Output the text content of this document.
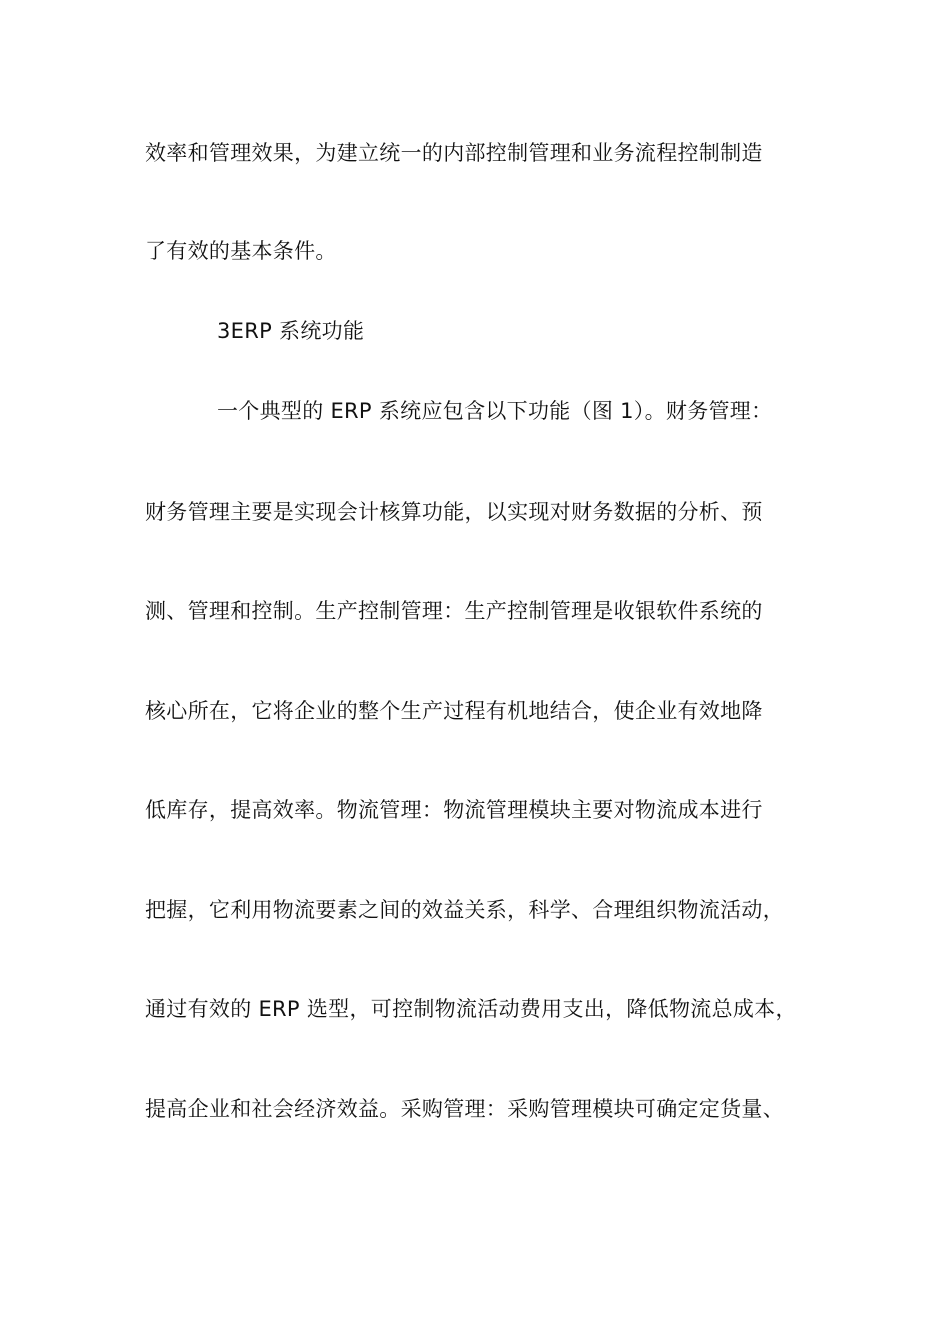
效率和管理效果，为建立统一的内部控制管理和业务流程控制制造
了有效的基本条件。
3ERP 系统功能
一个典型的 ERP 系统应包含以下功能（图 1）。财务管理：
财务管理主要是实现会计核算功能，以实现对财务数据的分析、预
测、管理和控制。生产控制管理：生产控制管理是收银软件系统的
核心所在，它将企业的整个生产过程有机地结合，使企业有效地降
低库存，提高效率。物流管理：物流管理模块主要对物流成本进行
把握，它利用物流要素之间的效益关系，科学、合理组织物流活动，
通过有效的 ERP 选型，可控制物流活动费用支出，降低物流总成本，
提高企业和社会经济效益。采购管理：采购管理模块可确定定货量、
